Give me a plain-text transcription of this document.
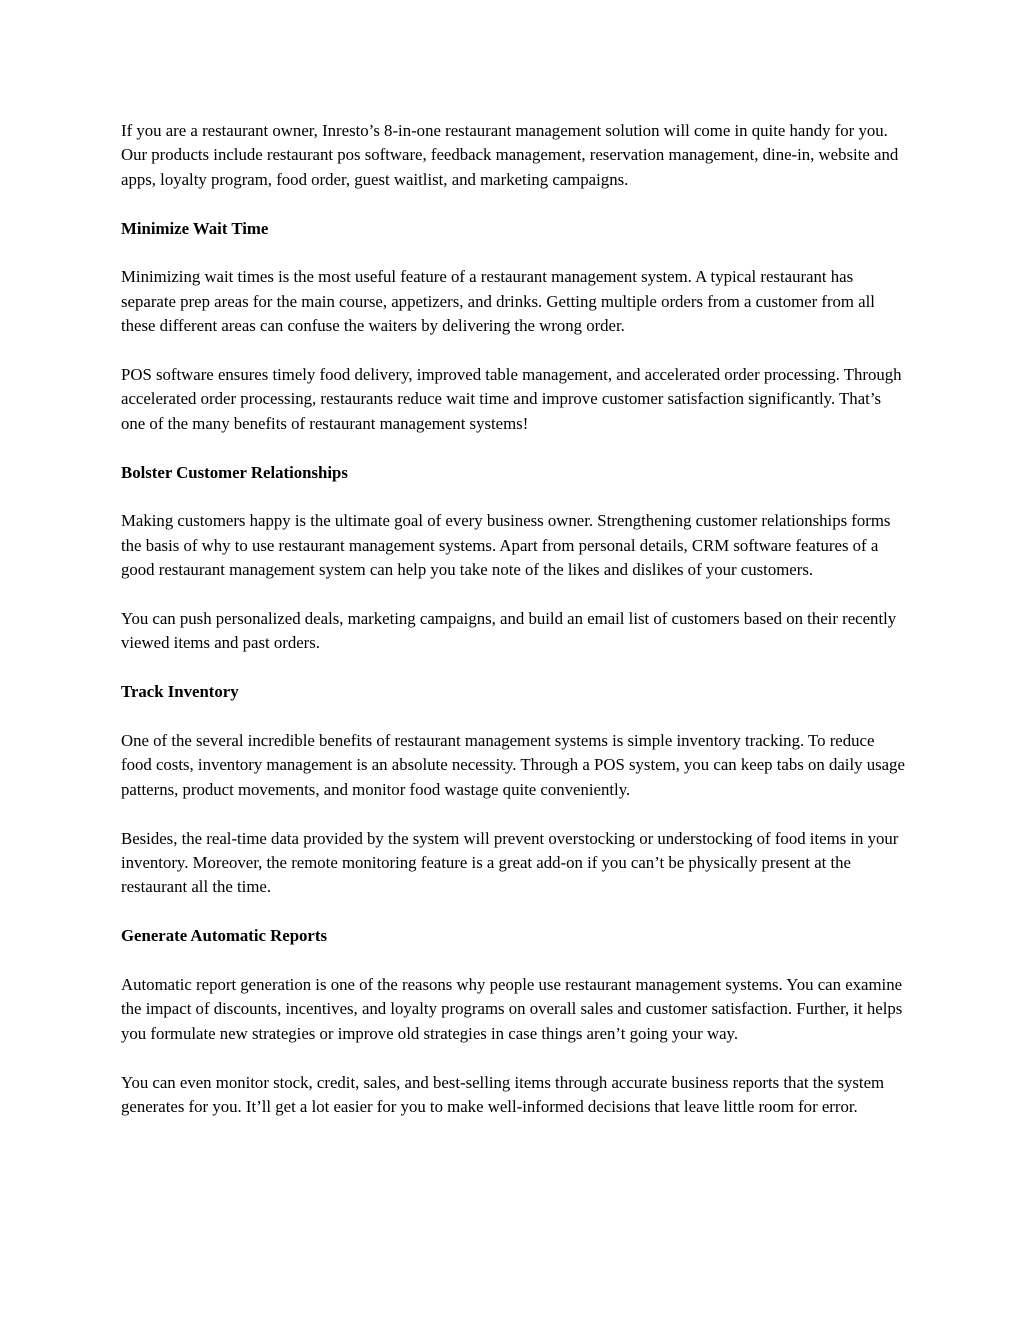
If you are a restaurant owner, Inresto’s 8-in-one restaurant management solution will come in quite handy for you. Our products include restaurant pos software, feedback management, reservation management, dine-in, website and apps, loyalty program, food order, guest waitlist, and marketing campaigns.

Minimize Wait Time

Minimizing wait times is the most useful feature of a restaurant management system. A typical restaurant has separate prep areas for the main course, appetizers, and drinks. Getting multiple orders from a customer from all these different areas can confuse the waiters by delivering the wrong order.

POS software ensures timely food delivery, improved table management, and accelerated order processing. Through accelerated order processing, restaurants reduce wait time and improve customer satisfaction significantly. That’s one of the many benefits of restaurant management systems!

Bolster Customer Relationships

Making customers happy is the ultimate goal of every business owner. Strengthening customer relationships forms the basis of why to use restaurant management systems. Apart from personal details, CRM software features of a good restaurant management system can help you take note of the likes and dislikes of your customers.

You can push personalized deals, marketing campaigns, and build an email list of customers based on their recently viewed items and past orders.

Track Inventory

One of the several incredible benefits of restaurant management systems is simple inventory tracking. To reduce food costs, inventory management is an absolute necessity. Through a POS system, you can keep tabs on daily usage patterns, product movements, and monitor food wastage quite conveniently.

Besides, the real-time data provided by the system will prevent overstocking or understocking of food items in your inventory. Moreover, the remote monitoring feature is a great add-on if you can’t be physically present at the restaurant all the time.

Generate Automatic Reports

Automatic report generation is one of the reasons why people use restaurant management systems. You can examine the impact of discounts, incentives, and loyalty programs on overall sales and customer satisfaction. Further, it helps you formulate new strategies or improve old strategies in case things aren’t going your way.

You can even monitor stock, credit, sales, and best-selling items through accurate business reports that the system generates for you. It’ll get a lot easier for you to make well-informed decisions that leave little room for error.
